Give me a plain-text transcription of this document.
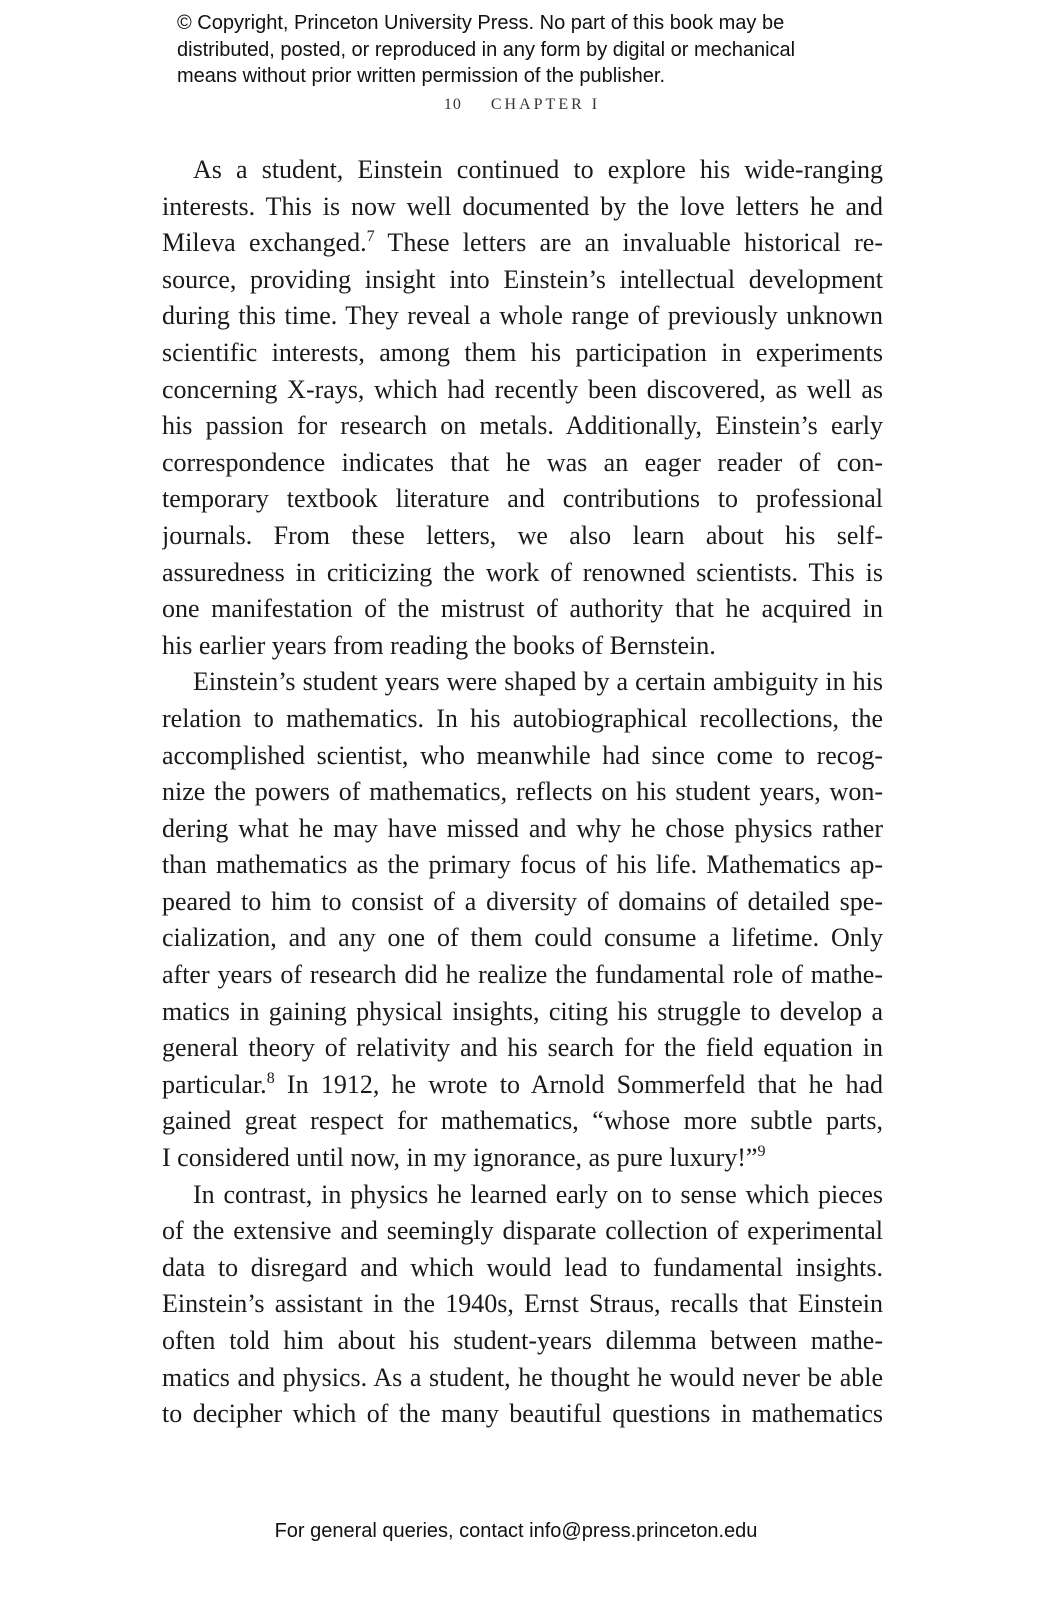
© Copyright, Princeton University Press. No part of this book may be
distributed, posted, or reproduced in any form by digital or mechanical
means without prior written permission of the publisher.
10 CHAPTER I
As a student, Einstein continued to explore his wide-ranging
interests. This is now well documented by the love letters he and
Mileva exchanged.$^7$ These letters are an invaluable historical re-
source, providing insight into Einstein’s intellectual development
during this time. They reveal a whole range of previously unknown
scientific interests, among them his participation in experiments
concerning X-rays, which had recently been discovered, as well as
his passion for research on metals. Additionally, Einstein’s early
correspondence indicates that he was an eager reader of con-
temporary textbook literature and contributions to professional
journals. From these letters, we also learn about his self-
assuredness in criticizing the work of renowned scientists. This is
one manifestation of the mistrust of authority that he acquired in
his earlier years from reading the books of Bernstein.
Einstein’s student years were shaped by a certain ambiguity in his
relation to mathematics. In his autobiographical recollections, the
accomplished scientist, who meanwhile had since come to recog-
nize the powers of mathematics, reflects on his student years, won-
dering what he may have missed and why he chose physics rather
than mathematics as the primary focus of his life. Mathematics ap-
peared to him to consist of a diversity of domains of detailed spe-
cialization, and any one of them could consume a lifetime. Only
after years of research did he realize the fundamental role of mathe-
matics in gaining physical insights, citing his struggle to develop a
general theory of relativity and his search for the field equation in
particular.$^8$ In 1912, he wrote to Arnold Sommerfeld that he had
gained great respect for mathematics, “whose more subtle parts,
I considered until now, in my ignorance, as pure luxury!”$^9$
In contrast, in physics he learned early on to sense which pieces
of the extensive and seemingly disparate collection of experimental
data to disregard and which would lead to fundamental insights.
Einstein’s assistant in the 1940s, Ernst Straus, recalls that Einstein
often told him about his student-years dilemma between mathe-
matics and physics. As a student, he thought he would never be able
to decipher which of the many beautiful questions in mathematics
For general queries, contact info@press.princeton.edu
